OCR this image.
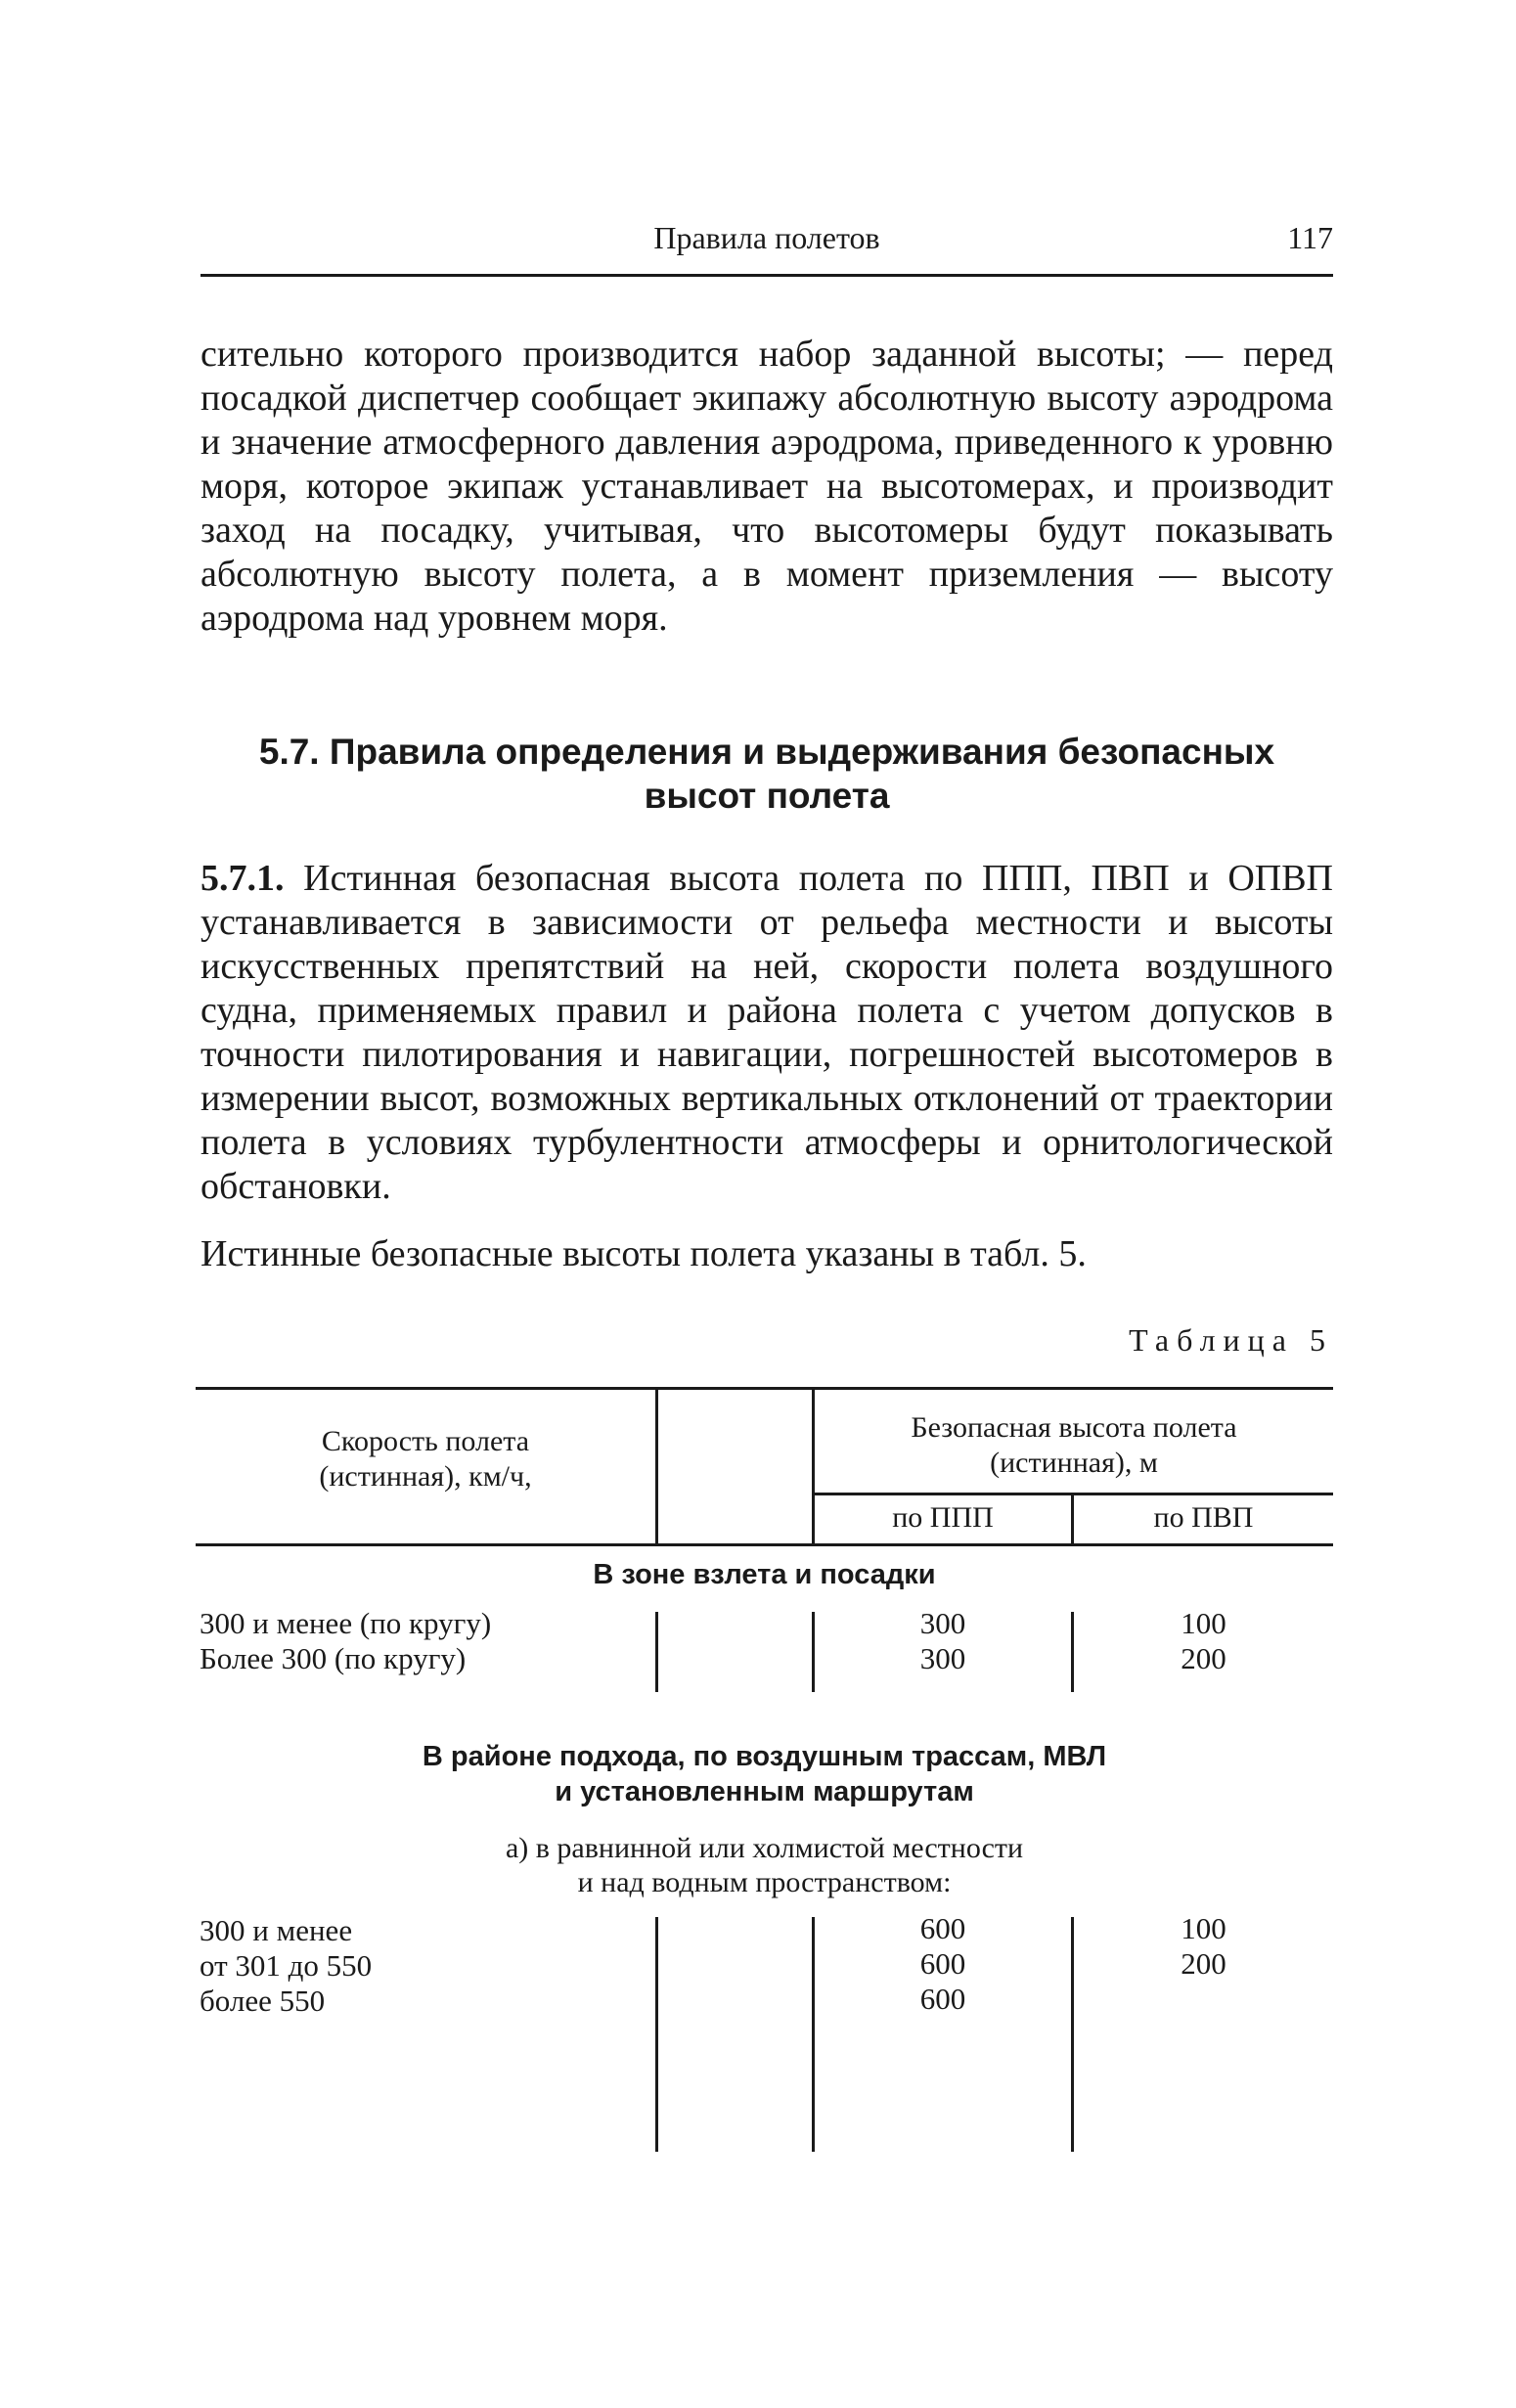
Правила полетов	117

сительно которого производится набор заданной высоты; — перед посадкой диспетчер сообщает экипажу абсолютную высоту аэродрома и значение атмосферного давления аэродрома, приведенного к уровню моря, которое экипаж устанавливает на высотомерах, и производит заход на посадку, учитывая, что высотомеры будут показывать абсолютную высоту полета, а в момент приземления — высоту аэродрома над уровнем моря.

5.7. Правила определения и выдерживания безопасных высот полета

5.7.1. Истинная безопасная высота полета по ППП, ПВП и ОПВП устанавливается в зависимости от рельефа местности и высоты искусственных препятствий на ней, скорости полета воздушного судна, применяемых правил и района полета с учетом допусков в точности пилотирования и навигации, погрешностей высотомеров в измерении высот, возможных вертикальных отклонений от траектории полета в условиях турбулентности атмосферы и орнитологической обстановки.

Истинные безопасные высоты полета указаны в табл. 5.

Таблица 5
Скорость полета
(истинная), км/ч,
Безопасная высота полета
(истинная), м
по ППП	по ПВП
В зоне взлета и посадки
300 и менее (по кругу)	300	100
Более 300 (по кругу)	300	200
В районе подхода, по воздушным трассам, МВЛ
и установленным маршрутам
а) в равнинной или холмистой местности
и над водным пространством:
300 и менее	600	100
от 301 до 550	600	200
более 550	600
